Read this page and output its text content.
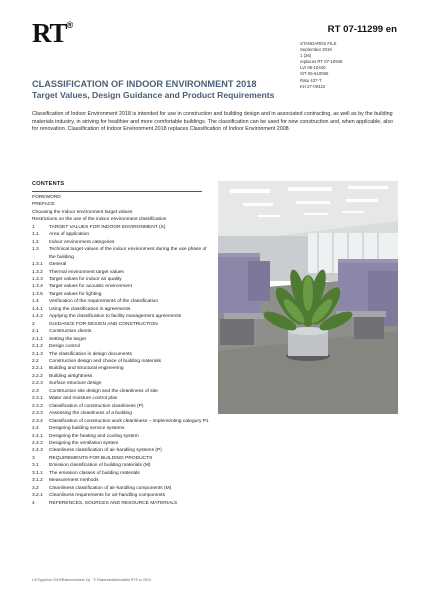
RT®	RT 07-11299 en
STANDARDS FILE
September 2019
1 (26)
replaces RT 07-10946
LVI 05-10440
SIT 05-610065
Ratu 437-T
KH 27-00422
CLASSIFICATION OF INDOOR ENVIRONMENT 2018
Target Values, Design Guidance and Product Requirements
Classification of Indoor Environment 2018 is intended for use in construction and building design and in associated contracting, as well as by the building materials industry, in striving for healthier and more comfortable buildings. The classification can be used for new construction and, when applicable, also for renovation. Classification of Indoor Environment 2018 replaces Classification of Indoor Environment 2008.
CONTENTS
FOREWORD
PREFACE
Choosing the indoor environment target values
Restrictions on the use of the indoor environment classification
1	TARGET VALUES FOR INDOOR ENVIRONMENT (S)
1.1	Area of application
1.2	Indoor environment categories
1.3	Technical target values of the indoor environment during the use phase of the building
1.3.1	General
1.3.2	Thermal environment target values
1.3.3	Target values for indoor air quality
1.3.4	Target values for acoustic environment
1.3.5	Target values for lighting
1.4	Verification of the requirements of the classification
1.4.1	Using the classification in agreements
1.4.2	Applying the classification to facility management agreements
2	GUIDANCE FOR DESIGN AND CONSTRUCTION
2.1	Construction clients
2.1.1	Setting the target
2.1.2	Design control
2.1.3	The classification in design documents
2.2	Construction design and choice of building materials
2.2.1	Building and structural engineering
2.2.2	Building airtightness
2.2.3	Surface structure design
2.3	Construction site design and the cleanliness of site
2.3.1	Water and moisture control plan
2.3.2	Classification of construction cleanliness (P)
2.3.3	Assessing the cleanliness of a building
2.3.4	Classification of construction work cleanliness – implementing category P1
2.4	Designing building service systems
2.4.1	Designing the heating and cooling system
2.4.2	Designing the ventilation system
2.4.3	Cleanliness classification of air-handling systems (P)
3	REQUIREMENTS FOR BUILDING PRODUCTS
3.1	Emission classification of building materials (M)
3.1.1	The emission classes of building materials
3.1.2	Measurement methods
3.2	Cleanliness classification of air-handling components (M)
3.2.1	Cleanliness requirements for air-handling components
4	REFERENCES, SOURCES AND RESOURCE MATERIALS
LS/Typpikuu 2019/Rakennustieto Oy · © Rakennustietosäätiö RTS sr 2019
